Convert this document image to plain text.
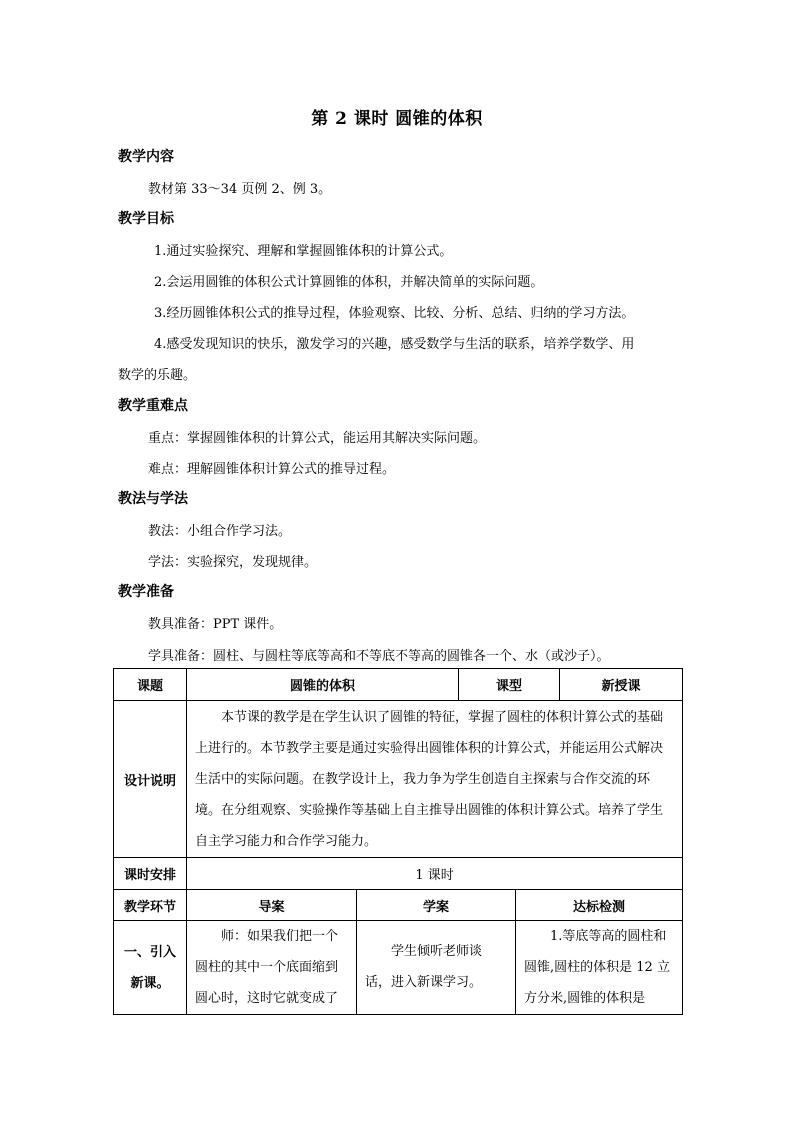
第 2 课时 圆锥的体积
教学内容
教材第 33～34 页例 2、例 3。
教学目标
1.通过实验探究、理解和掌握圆锥体积的计算公式。
2.会运用圆锥的体积公式计算圆锥的体积，并解决简单的实际问题。
3.经历圆锥体积公式的推导过程，体验观察、比较、分析、总结、归纳的学习方法。
4.感受发现知识的快乐，激发学习的兴趣，感受数学与生活的联系，培养学数学、用
数学的乐趣。
教学重难点
重点：掌握圆锥体积的计算公式，能运用其解决实际问题。
难点：理解圆锥体积计算公式的推导过程。
教法与学法
教法：小组合作学习法。
学法：实验探究，发现规律。
教学准备
教具准备：PPT 课件。
学具准备：圆柱、与圆柱等底等高和不等底不等高的圆锥各一个、水（或沙子）。
课题	圆锥的体积		课型		新授课
设计说明	本节课的教学是在学生认识了圆锥的特征，掌握了圆柱的体积计算公式的基础上进行的。本节教学主要是通过实验得出圆锥体积的计算公式，并能运用公式解决生活中的实际问题。在教学设计上，我力争为学生创造自主探索与合作交流的环境。在分组观察、实验操作等基础上自主推导出圆锥的体积计算公式。培养了学生自主学习能力和合作学习能力。				
课时安排	1 课时				
教学环节	导案	学案		达标检测	
一、引入新课。	师：如果我们把一个圆柱的其中一个底面缩到圆心时，这时它就变成了	学生倾听老师谈话，进入新课学习。		1.等底等高的圆柱和圆锥,圆柱的体积是 12 立方分米,圆锥的体积是	
